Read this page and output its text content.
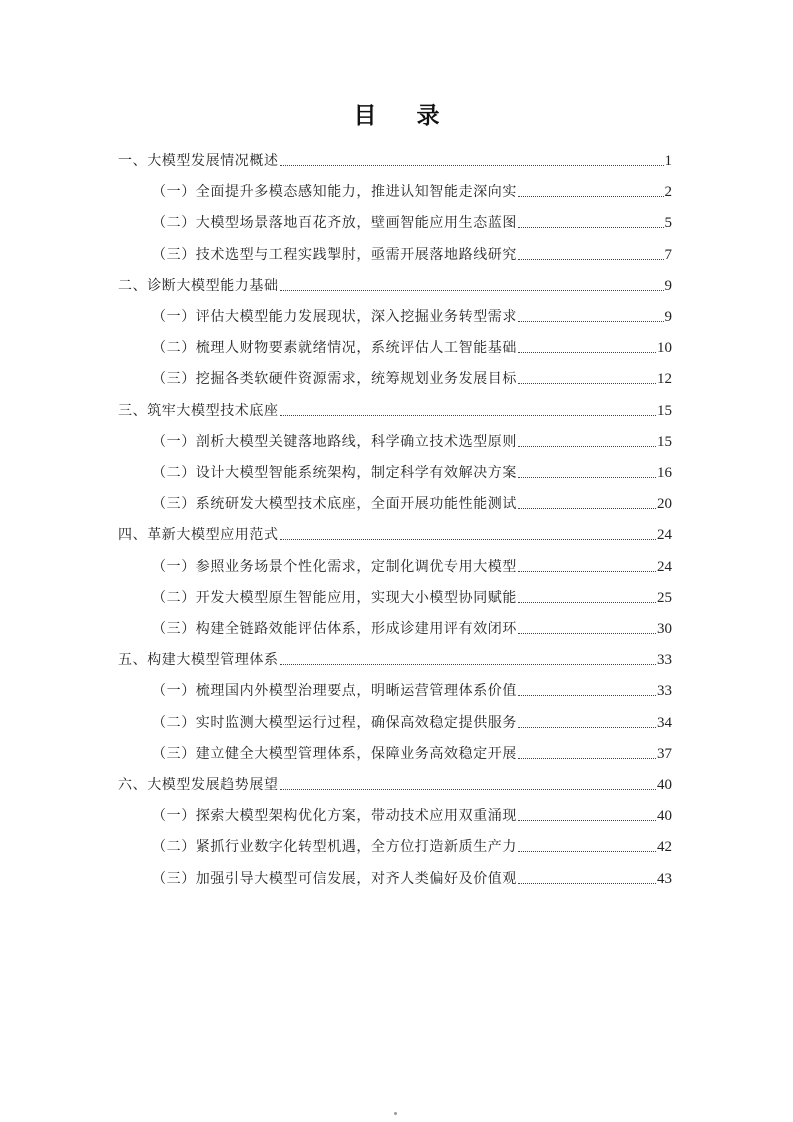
目 录
一、大模型发展情况概述	1
（一）全面提升多模态感知能力，推进认知智能走深向实	2
（二）大模型场景落地百花齐放，壁画智能应用生态蓝图	5
（三）技术选型与工程实践掣肘，亟需开展落地路线研究	7
二、诊断大模型能力基础	9
（一）评估大模型能力发展现状，深入挖掘业务转型需求	9
（二）梳理人财物要素就绪情况，系统评估人工智能基础	10
（三）挖掘各类软硬件资源需求，统筹规划业务发展目标	12
三、筑牢大模型技术底座	15
（一）剖析大模型关键落地路线，科学确立技术选型原则	15
（二）设计大模型智能系统架构，制定科学有效解决方案	16
（三）系统研发大模型技术底座，全面开展功能性能测试	20
四、革新大模型应用范式	24
（一）参照业务场景个性化需求，定制化调优专用大模型	24
（二）开发大模型原生智能应用，实现大小模型协同赋能	25
（三）构建全链路效能评估体系，形成诊建用评有效闭环	30
五、构建大模型管理体系	33
（一）梳理国内外模型治理要点，明晰运营管理体系价值	33
（二）实时监测大模型运行过程，确保高效稳定提供服务	34
（三）建立健全大模型管理体系，保障业务高效稳定开展	37
六、大模型发展趋势展望	40
（一）探索大模型架构优化方案，带动技术应用双重涌现	40
（二）紧抓行业数字化转型机遇，全方位打造新质生产力	42
（三）加强引导大模型可信发展，对齐人类偏好及价值观	43
